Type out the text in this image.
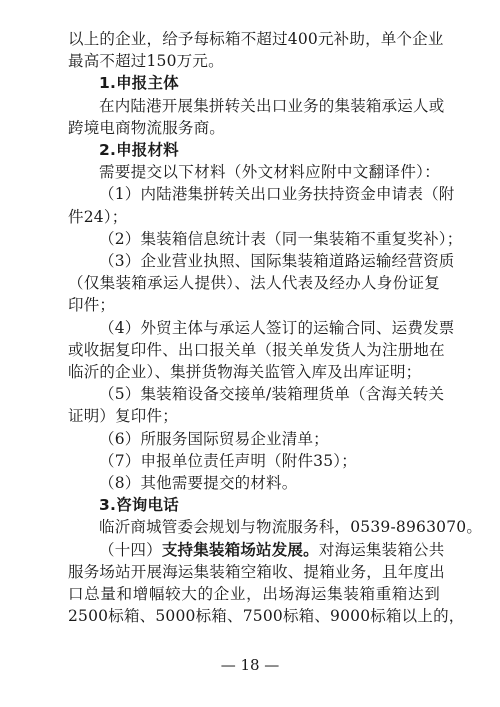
以上的企业，给予每标箱不超过400元补助，单个企业
最高不超过150万元。
1.申报主体
在内陆港开展集拼转关出口业务的集装箱承运人或
跨境电商物流服务商。
2.申报材料
需要提交以下材料（外文材料应附中文翻译件）：
（1）内陆港集拼转关出口业务扶持资金申请表（附
件24）；
（2）集装箱信息统计表（同一集装箱不重复奖补）；
（3）企业营业执照、国际集装箱道路运输经营资质
（仅集装箱承运人提供）、法人代表及经办人身份证复
印件；
（4）外贸主体与承运人签订的运输合同、运费发票
或收据复印件、出口报关单（报关单发货人为注册地在
临沂的企业）、集拼货物海关监管入库及出库证明；
（5）集装箱设备交接单/装箱理货单（含海关转关
证明）复印件；
（6）所服务国际贸易企业清单；
（7）申报单位责任声明（附件35）；
（8）其他需要提交的材料。
3.咨询电话
临沂商城管委会规划与物流服务科，0539-8963070。
（十四）支持集装箱场站发展。对海运集装箱公共
服务场站开展海运集装箱空箱收、提箱业务，且年度出
口总量和增幅较大的企业，出场海运集装箱重箱达到
2500标箱、5000标箱、7500标箱、9000标箱以上的，
— 18 —
